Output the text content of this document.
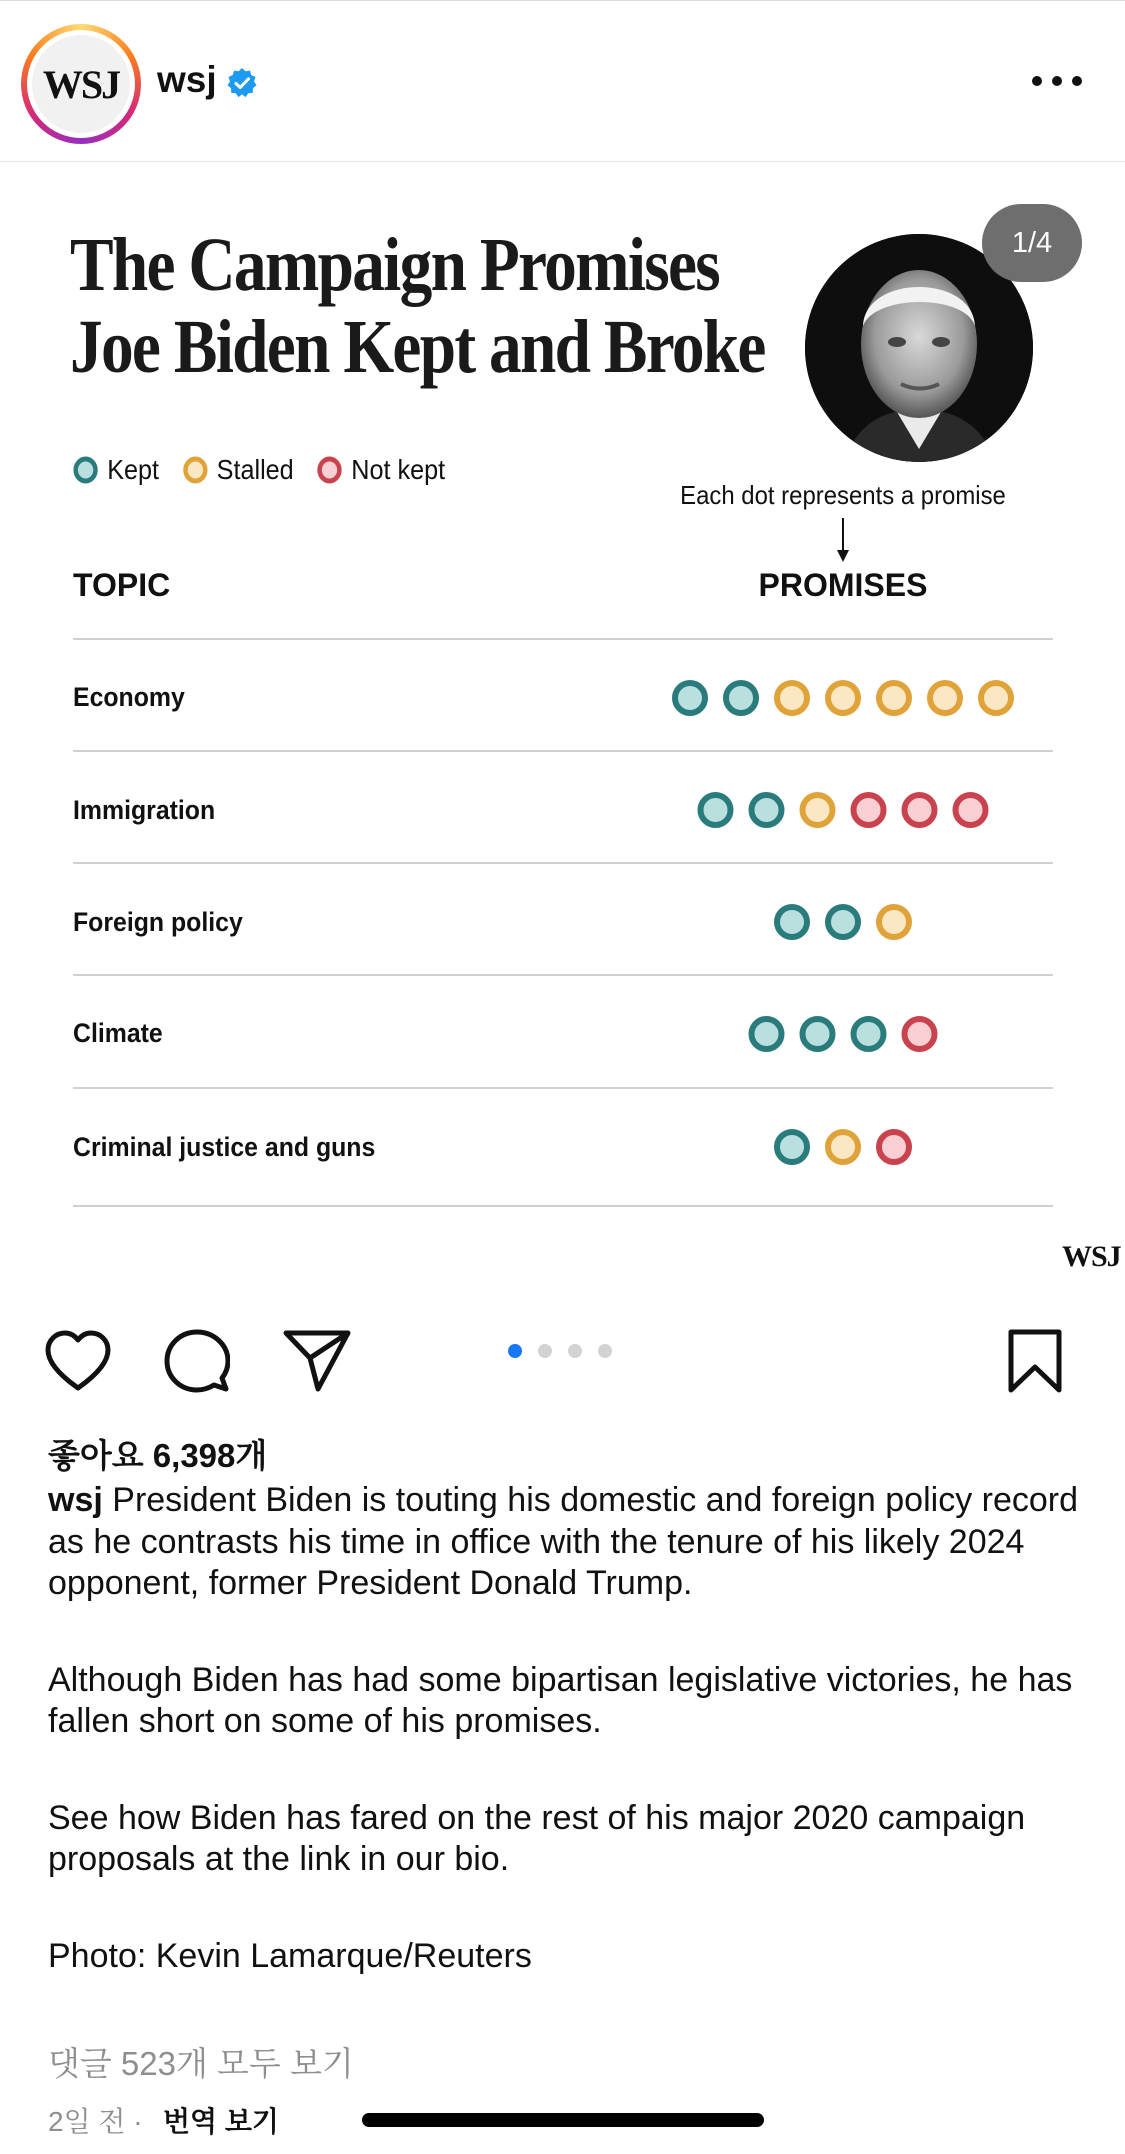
WSJ wsj
The Campaign Promises
Joe Biden Kept and Broke
1/4
Kept Stalled Not kept
Each dot represents a promise
TOPIC	PROMISES
Economy
Immigration
Foreign policy
Climate
Criminal justice and guns
WSJ
좋아요 6,398개

wsj President Biden is touting his domestic and foreign policy record as he contrasts his time in office with the tenure of his likely 2024 opponent, former President Donald Trump.

Although Biden has had some bipartisan legislative victories, he has fallen short on some of his promises.

See how Biden has fared on the rest of his major 2020 campaign proposals at the link in our bio.

Photo: Kevin Lamarque/Reuters

댓글 523개 모두 보기
2일 전 · 번역 보기
